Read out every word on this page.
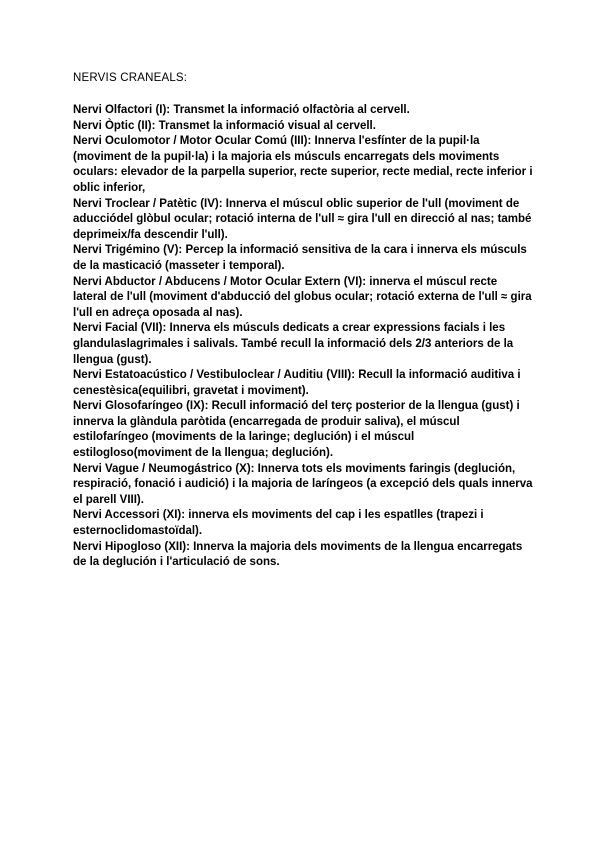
NERVIS CRANEALS:

Nervi Olfactori (I): Transmet la informació olfactòria al cervell.
Nervi Òptic (II): Transmet la informació visual al cervell.
Nervi Oculomotor / Motor Ocular Comú (III): Innerva l'esfínter de la pupil·la (moviment de la pupil·la) i la majoria els músculs encarregats dels moviments oculars: elevador de la parpella superior, recte superior, recte medial, recte inferior i oblic inferior,
Nervi Troclear / Patètic (IV): Innerva el múscul oblic superior de l'ull (moviment de aducciódel glòbul ocular; rotació interna de l'ull ≈ gira l'ull en direcció al nas; també deprimeix/fa descendir l'ull).
Nervi Trigémino (V): Percep la informació sensitiva de la cara i innerva els músculs de la masticació (masseter i temporal).
Nervi Abductor / Abducens / Motor Ocular Extern (VI): innerva el múscul recte lateral de l'ull (moviment d'abducció del globus ocular; rotació externa de l'ull ≈ gira l'ull en adreça oposada al nas).
Nervi Facial (VII): Innerva els músculs dedicats a crear expressions facials i les glandulaslagrimales i salivals. També recull la informació dels 2/3 anteriors de la llengua (gust).
Nervi Estatoacústico / Vestibuloclear / Auditiu (VIII): Recull la informació auditiva i cenestèsica(equilibri, gravetat i moviment).
Nervi Glosofaríngeo (IX): Recull informació del terç posterior de la llengua (gust) i innerva la glàndula paròtida (encarregada de produir saliva), el múscul estilofaríngeo (moviments de la laringe; deglución) i el múscul estilogloso(moviment de la llengua; deglución).
Nervi Vague / Neumogástrico (X): Innerva tots els moviments faringis (deglución, respiració, fonació i audició) i la majoria de laríngeos (a excepció dels quals innerva el parell VIII).
Nervi Accessori (XI): innerva els moviments del cap i les espatlles (trapezi i esternoclidomastoïdal).
Nervi Hipogloso (XII): Innerva la majoria dels moviments de la llengua encarregats de la deglución i l'articulació de sons.
